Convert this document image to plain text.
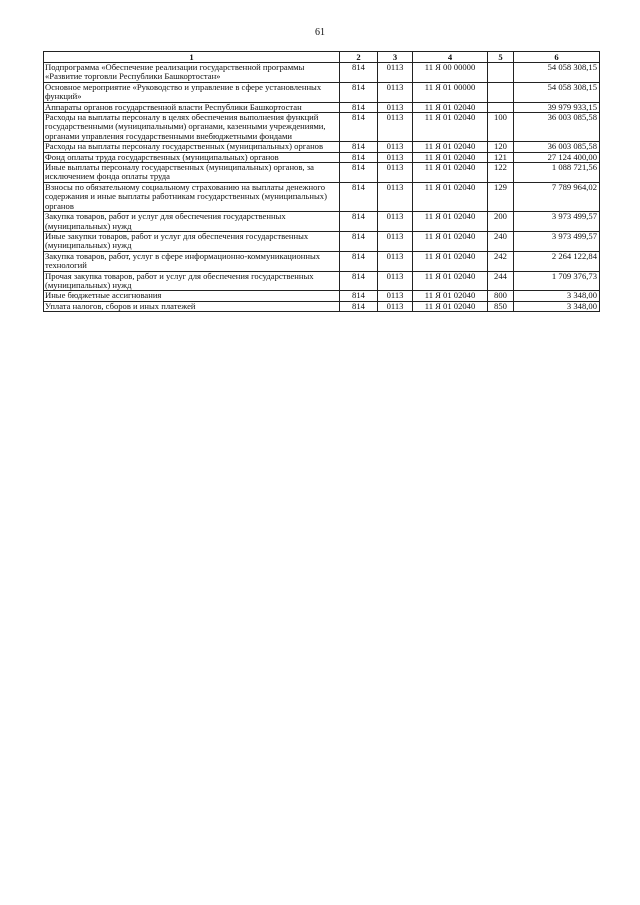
61
1	2	3	4	5	6
Подпрограмма «Обеспечение реализации государственной программы «Развитие торговли Республики Башкортостан»	814	0113	11 Я 00 00000		54 058 308,15
Основное мероприятие «Руководство и управление в сфере установленных функций»	814	0113	11 Я 01 00000		54 058 308,15
Аппараты органов государственной власти Республики Башкортостан	814	0113	11 Я 01 02040		39 979 933,15
Расходы на выплаты персоналу в целях обеспечения выполнения функций государственными (муниципальными) органами, казенными учреждениями, органами управления государственными внебюджетными фондами	814	0113	11 Я 01 02040	100	36 003 085,58
Расходы на выплаты персоналу государственных (муниципальных) органов	814	0113	11 Я 01 02040	120	36 003 085,58
Фонд оплаты труда государственных (муниципальных) органов	814	0113	11 Я 01 02040	121	27 124 400,00
Иные выплаты персоналу государственных (муниципальных) органов, за исключением фонда оплаты труда	814	0113	11 Я 01 02040	122	1 088 721,56
Взносы по обязательному социальному страхованию на выплаты денежного содержания и иные выплаты работникам государственных (муниципальных) органов	814	0113	11 Я 01 02040	129	7 789 964,02
Закупка товаров, работ и услуг для обеспечения государственных (муниципальных) нужд	814	0113	11 Я 01 02040	200	3 973 499,57
Иные закупки товаров, работ и услуг для обеспечения государственных (муниципальных) нужд	814	0113	11 Я 01 02040	240	3 973 499,57
Закупка товаров, работ, услуг в сфере информационно-коммуникационных технологий	814	0113	11 Я 01 02040	242	2 264 122,84
Прочая закупка товаров, работ и услуг для обеспечения государственных (муниципальных) нужд	814	0113	11 Я 01 02040	244	1 709 376,73
Иные бюджетные ассигнования	814	0113	11 Я 01 02040	800	3 348,00
Уплата налогов, сборов и иных платежей	814	0113	11 Я 01 02040	850	3 348,00
